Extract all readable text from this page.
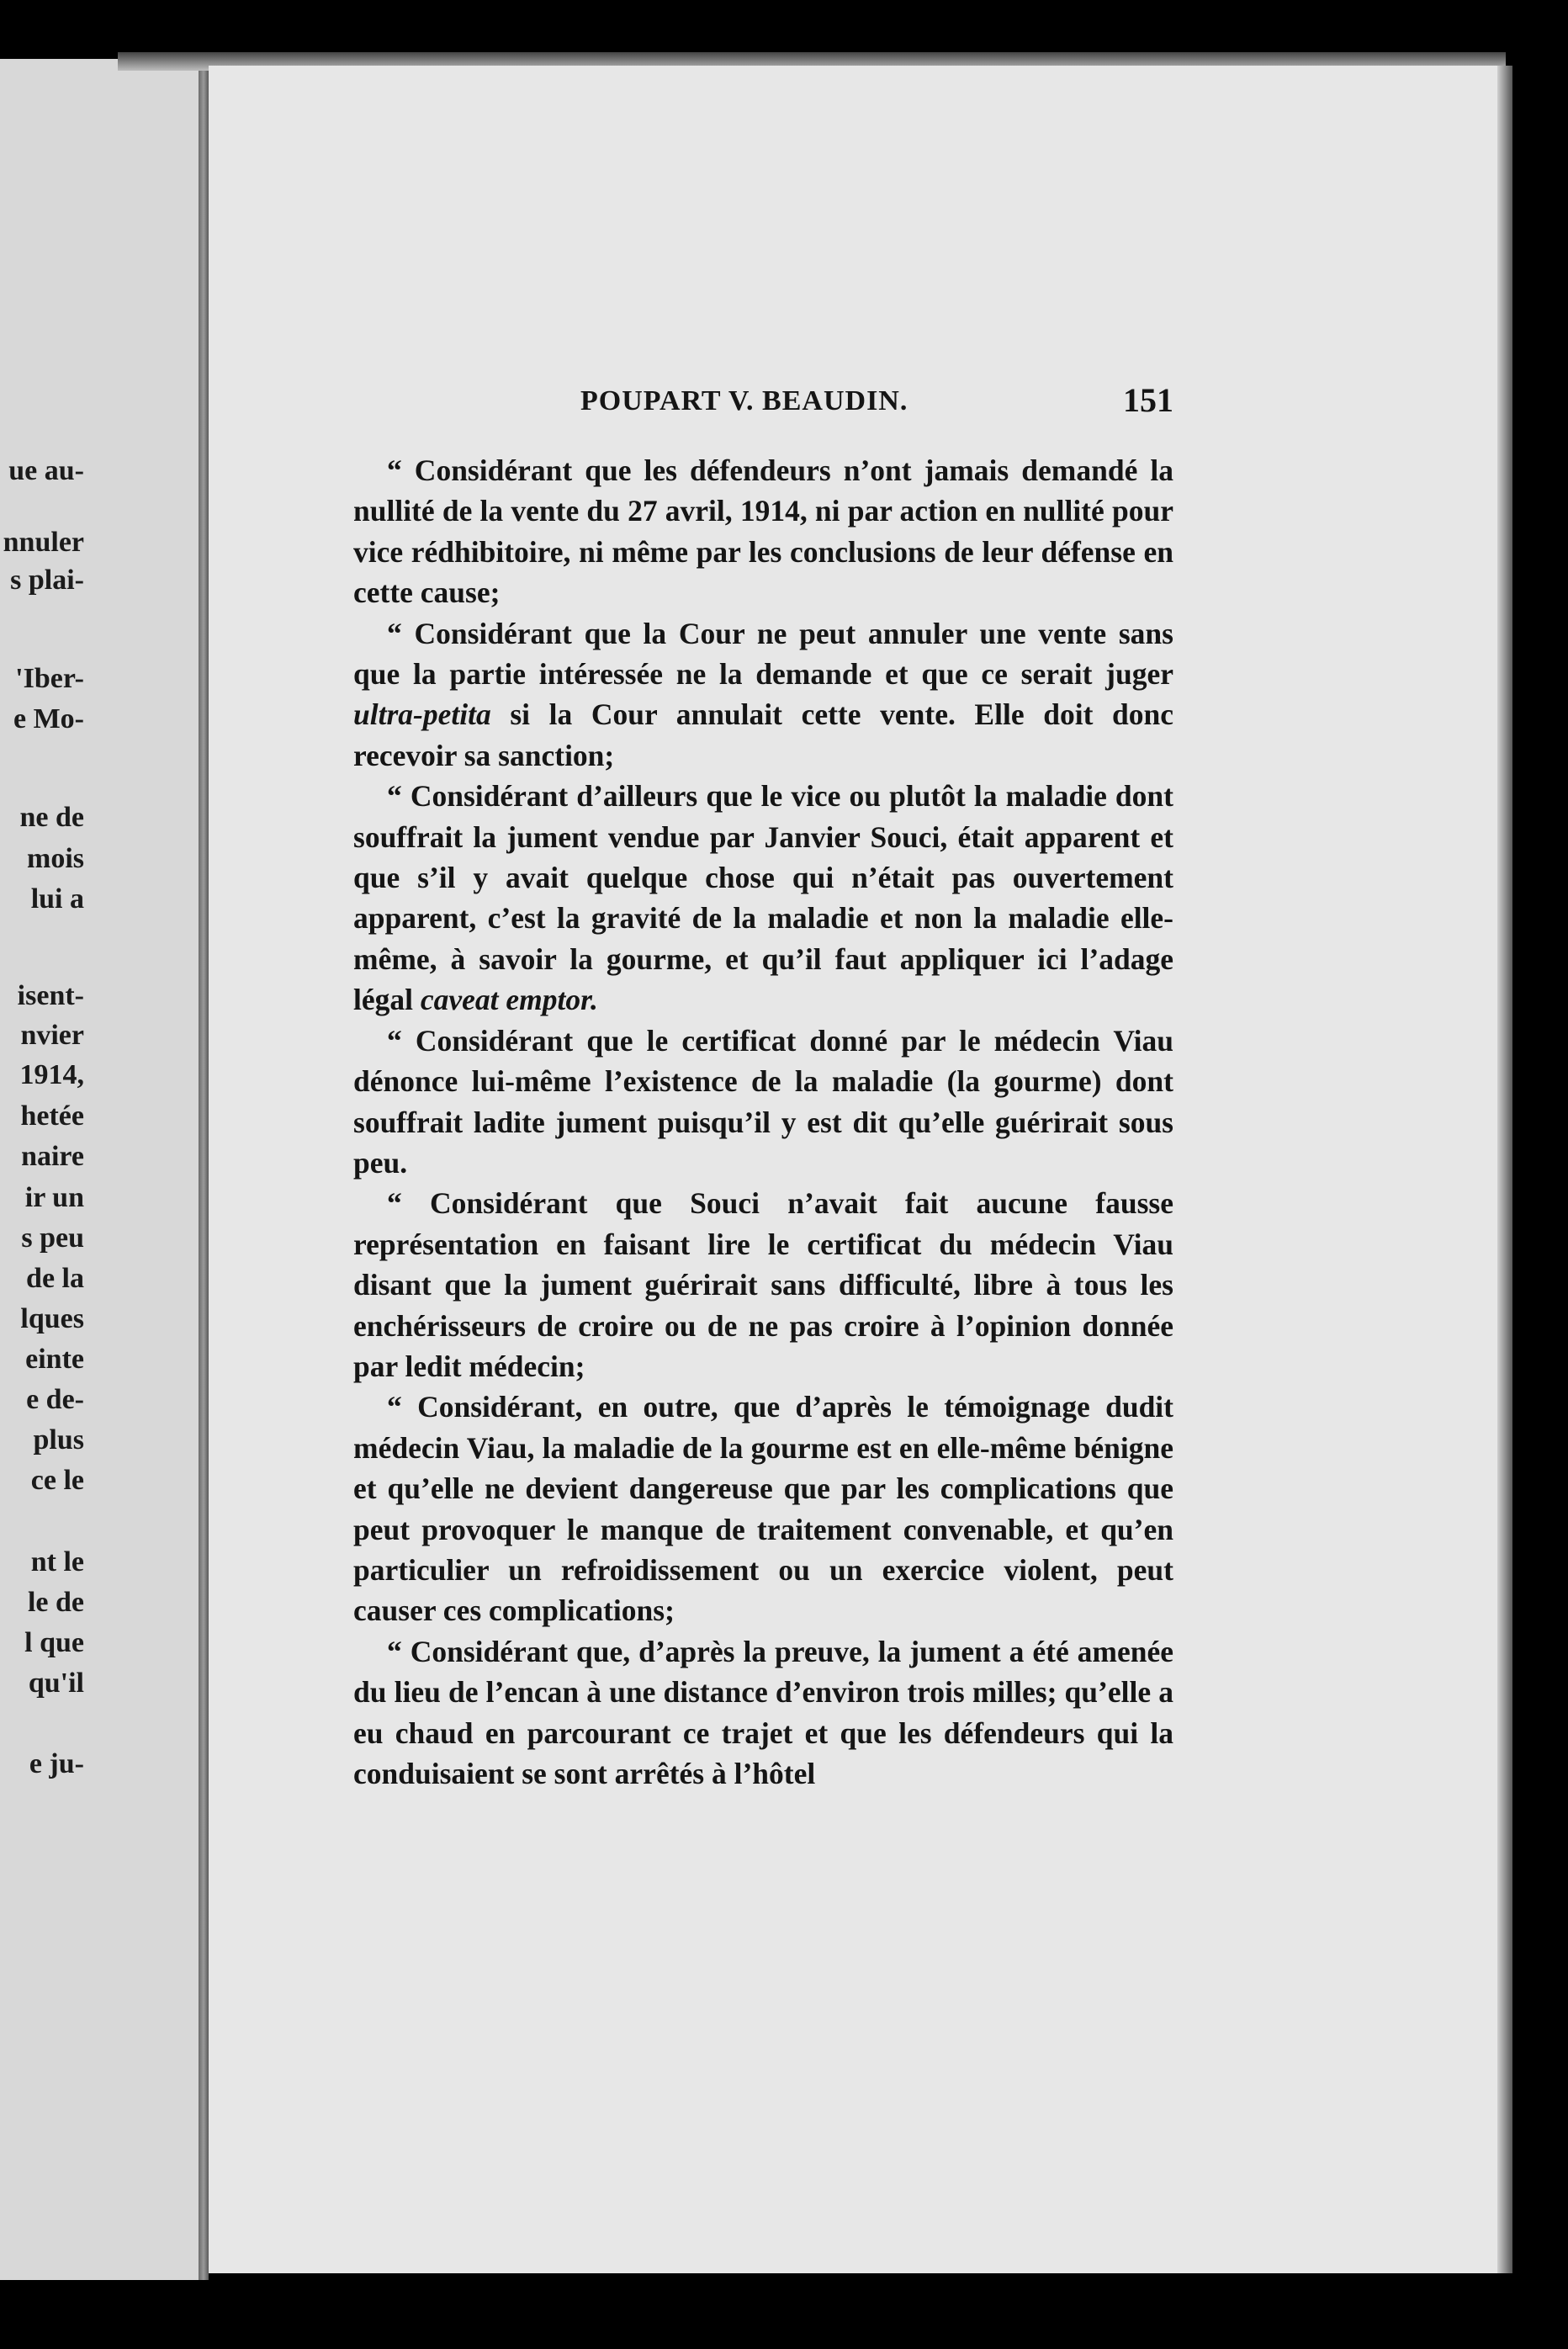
ue au-
nnuler
s plai-
'Iber-
e Mo-
ne de
mois
lui a
isent-
nvier
1914,
hetée
naire
ir un
s peu
de la
lques
einte
e de-
plus
ce le
nt le
le de
l que
qu'il
e ju-
POUPART V. BEAUDIN.	151

“ Considérant que les défendeurs n’ont jamais demandé la nullité de la vente du 27 avril, 1914, ni par action en nullité pour vice rédhibitoire, ni même par les conclusions de leur défense en cette cause;

“ Considérant que la Cour ne peut annuler une vente sans que la partie intéressée ne la demande et que ce serait juger ultra-petita si la Cour annulait cette vente. Elle doit donc recevoir sa sanction;

“ Considérant d’ailleurs que le vice ou plutôt la maladie dont souffrait la jument vendue par Janvier Souci, était apparent et que s’il y avait quelque chose qui n’était pas ouvertement apparent, c’est la gravité de la maladie et non la maladie elle-même, à savoir la gourme, et qu’il faut appliquer ici l’adage légal caveat emptor.

“ Considérant que le certificat donné par le médecin Viau dénonce lui-même l’existence de la maladie (la gourme) dont souffrait ladite jument puisqu’il y est dit qu’elle guérirait sous peu.

“ Considérant que Souci n’avait fait aucune fausse représentation en faisant lire le certificat du médecin Viau disant que la jument guérirait sans difficulté, libre à tous les enchérisseurs de croire ou de ne pas croire à l’opinion donnée par ledit médecin;

“ Considérant, en outre, que d’après le témoignage dudit médecin Viau, la maladie de la gourme est en elle-même bénigne et qu’elle ne devient dangereuse que par les complications que peut provoquer le manque de traitement convenable, et qu’en particulier un refroidissement ou un exercice violent, peut causer ces complications;

“ Considérant que, d’après la preuve, la jument a été amenée du lieu de l’encan à une distance d’environ trois milles; qu’elle a eu chaud en parcourant ce trajet et que les défendeurs qui la conduisaient se sont arrêtés à l’hôtel
